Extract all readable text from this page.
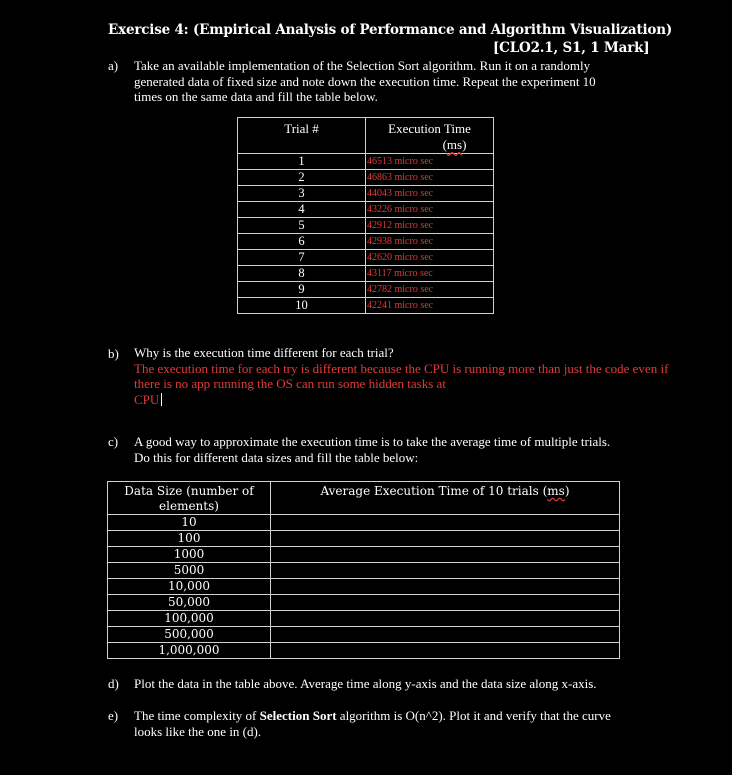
Exercise 4: (Empirical Analysis of Performance and Algorithm Visualization)
[CLO2.1, S1, 1 Mark]
a) Take an available implementation of the Selection Sort algorithm. Run it on a randomly
generated data of fixed size and note down the execution time. Repeat the experiment 10
times on the same data and fill the table below.
Trial #	Execution Time
(ms)

1	46513 micro sec
2	46863 micro sec
3	44043 micro sec
4	43226 micro sec
5	42912 micro sec
6	42938 micro sec
7	42620 micro sec
8	43117 micro sec
9	42782 micro sec
10	42241 micro sec
b) Why is the execution time different for each trial?
The execution time for each try is different because the CPU is running more than just the code even if
there is no app running the OS can run some hidden tasks at
CPU
c) A good way to approximate the execution time is to take the average time of multiple trials.
Do this for different data sizes and fill the table below:
Data Size (number of
elements)	Average Execution Time of 10 trials (ms)
10	
100	
1000	
5000	
10,000	
50,000	
100,000	
500,000	
1,000,000	
d) Plot the data in the table above. Average time along y-axis and the data size along x-axis.
e) The time complexity of Selection Sort algorithm is O(n^2). Plot it and verify that the curve
looks like the one in (d).
